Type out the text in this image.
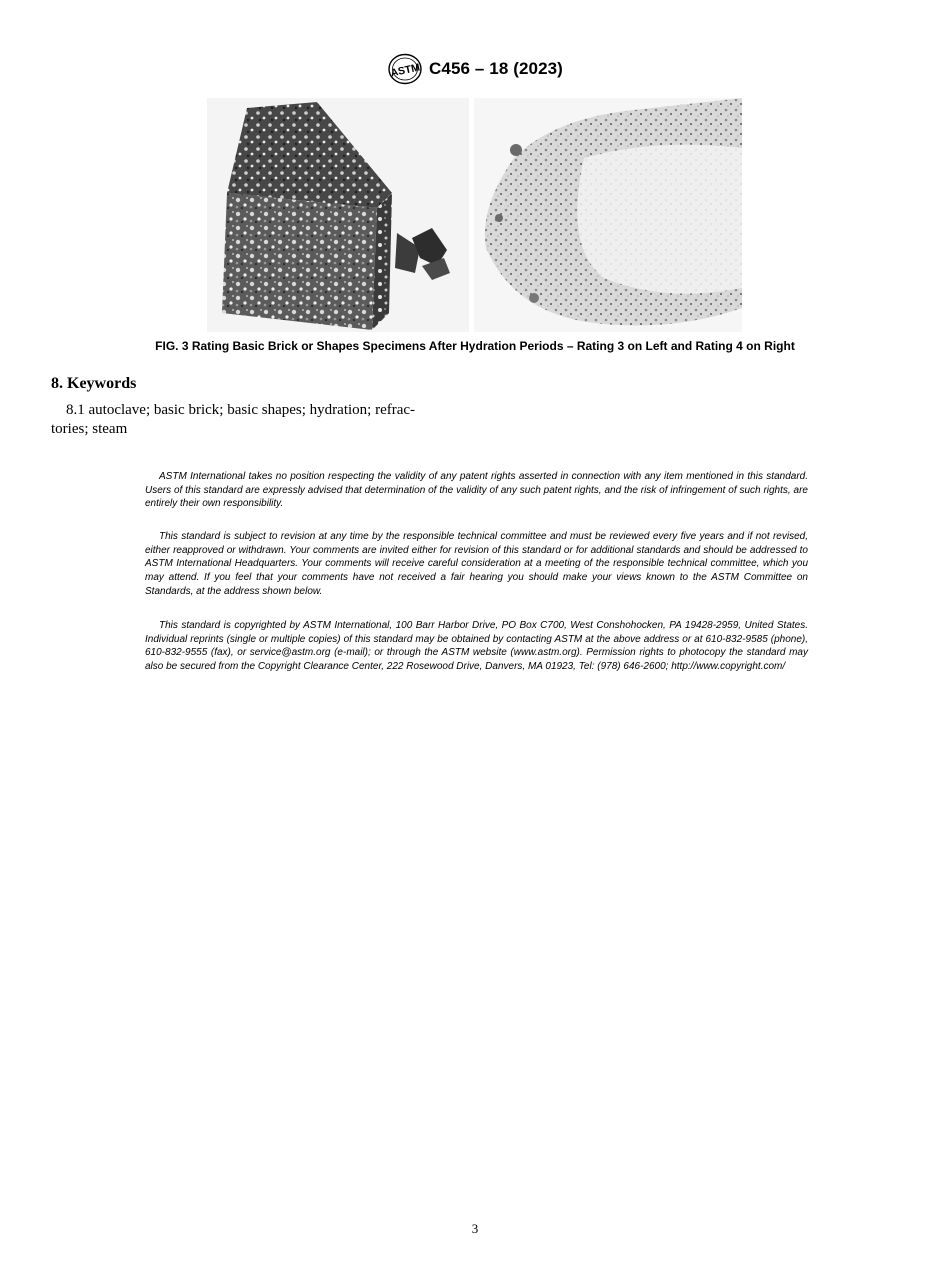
ASTM C456 – 18 (2023)
FIG. 3 Rating Basic Brick or Shapes Specimens After Hydration Periods – Rating 3 on Left and Rating 4 on Right
8. Keywords
8.1 autoclave; basic brick; basic shapes; hydration; refrac-
tories; steam

ASTM International takes no position respecting the validity of any patent rights asserted in connection with any item mentioned in this standard. Users of this standard are expressly advised that determination of the validity of any such patent rights, and the risk of infringement of such rights, are entirely their own responsibility.

This standard is subject to revision at any time by the responsible technical committee and must be reviewed every five years and if not revised, either reapproved or withdrawn. Your comments are invited either for revision of this standard or for additional standards and should be addressed to ASTM International Headquarters. Your comments will receive careful consideration at a meeting of the responsible technical committee, which you may attend. If you feel that your comments have not received a fair hearing you should make your views known to the ASTM Committee on Standards, at the address shown below.

This standard is copyrighted by ASTM International, 100 Barr Harbor Drive, PO Box C700, West Conshohocken, PA 19428-2959, United States. Individual reprints (single or multiple copies) of this standard may be obtained by contacting ASTM at the above address or at 610-832-9585 (phone), 610-832-9555 (fax), or service@astm.org (e-mail); or through the ASTM website (www.astm.org). Permission rights to photocopy the standard may also be secured from the Copyright Clearance Center, 222 Rosewood Drive, Danvers, MA 01923, Tel: (978) 646-2600; http://www.copyright.com/

3
